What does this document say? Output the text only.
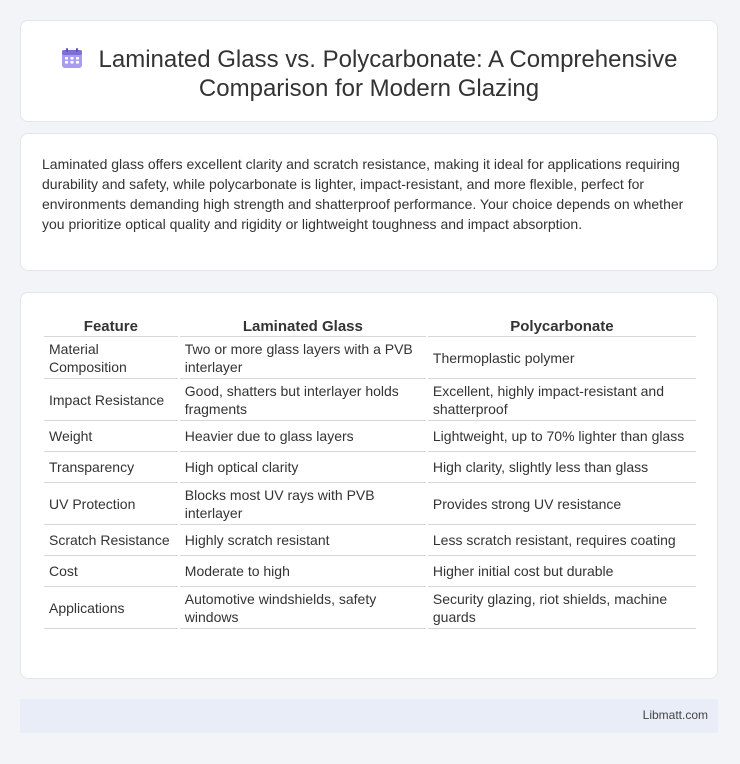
Laminated Glass vs. Polycarbonate: A Comprehensive
Comparison for Modern Glazing
Laminated glass offers excellent clarity and scratch resistance, making it ideal for applications requiring durability and safety, while polycarbonate is lighter, impact-resistant, and more flexible, perfect for environments demanding high strength and shatterproof performance. Your choice depends on whether you prioritize optical quality and rigidity or lightweight toughness and impact absorption.
Feature	Laminated Glass	Polycarbonate
Material Composition	Two or more glass layers with a PVB interlayer	Thermoplastic polymer
Impact Resistance	Good, shatters but interlayer holds fragments	Excellent, highly impact-resistant and shatterproof
Weight	Heavier due to glass layers	Lightweight, up to 70% lighter than glass
Transparency	High optical clarity	High clarity, slightly less than glass
UV Protection	Blocks most UV rays with PVB interlayer	Provides strong UV resistance
Scratch Resistance	Highly scratch resistant	Less scratch resistant, requires coating
Cost	Moderate to high	Higher initial cost but durable
Applications	Automotive windshields, safety windows	Security glazing, riot shields, machine guards
Libmatt.com
